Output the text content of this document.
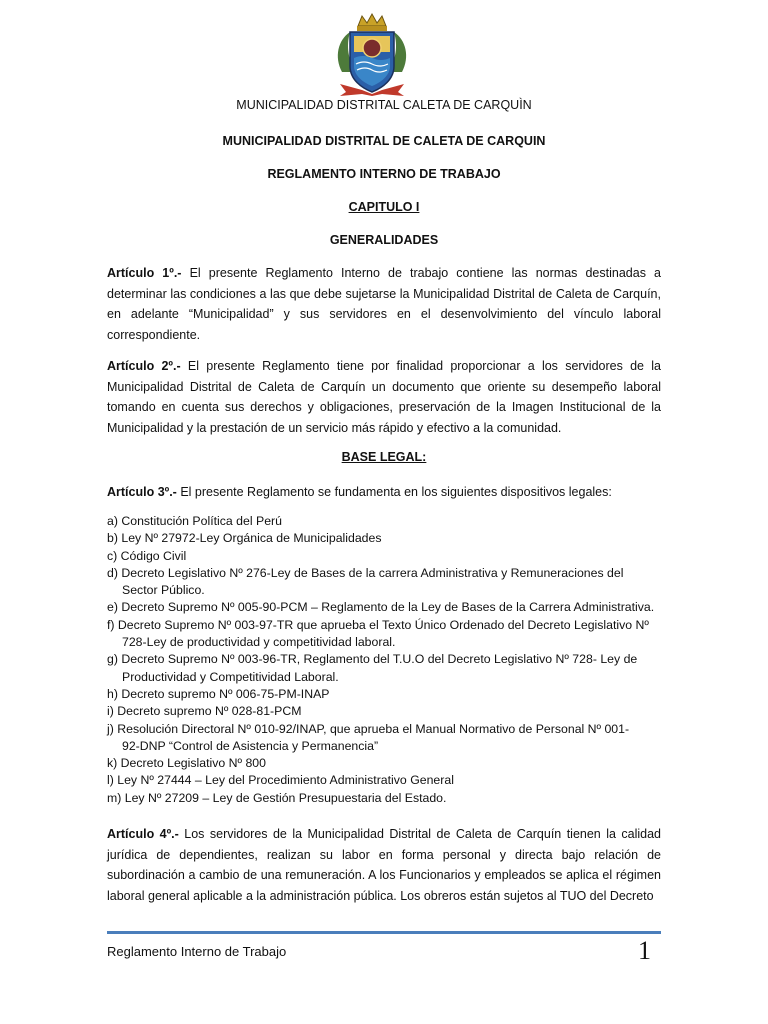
MUNICIPALIDAD DISTRITAL CALETA DE CARQUÌN
MUNICIPALIDAD DISTRITAL DE CALETA DE CARQUIN
REGLAMENTO INTERNO DE TRABAJO
CAPITULO I
GENERALIDADES
Artículo 1º.- El presente Reglamento Interno de trabajo contiene las normas destinadas a determinar las condiciones a las que debe sujetarse la Municipalidad Distrital de Caleta de Carquín, en adelante “Municipalidad” y sus servidores en el desenvolvimiento del vínculo laboral correspondiente.
Artículo 2º.- El presente Reglamento tiene por finalidad proporcionar a los servidores de la Municipalidad Distrital de Caleta de Carquín un documento que oriente su desempeño laboral tomando en cuenta sus derechos y obligaciones, preservación de la Imagen Institucional de la Municipalidad y la prestación de un servicio más rápido y efectivo a la comunidad.
BASE LEGAL:
Artículo 3º.- El presente Reglamento se fundamenta en los siguientes dispositivos legales:
a) Constitución Política del Perú
b) Ley Nº 27972-Ley Orgánica de Municipalidades
c) Código Civil
d) Decreto Legislativo Nº 276-Ley de Bases de la carrera Administrativa y Remuneraciones del
Sector Público.
e) Decreto Supremo Nº 005-90-PCM – Reglamento de la Ley de Bases de la Carrera Administrativa.
f) Decreto Supremo Nº 003-97-TR que aprueba el Texto Único Ordenado del Decreto Legislativo Nº
728-Ley de productividad y competitividad laboral.
g) Decreto Supremo Nº 003-96-TR, Reglamento del T.U.O del Decreto Legislativo Nº 728- Ley de
Productividad y Competitividad Laboral.
h) Decreto supremo Nº 006-75-PM-INAP
i) Decreto supremo Nº 028-81-PCM
j) Resolución Directoral Nº 010-92/INAP, que aprueba el Manual Normativo de Personal Nº 001-
92-DNP “Control de Asistencia y Permanencia”
k) Decreto Legislativo Nº 800
l) Ley Nº 27444 – Ley del Procedimiento Administrativo General
m) Ley Nº 27209 – Ley de Gestión Presupuestaria del Estado.
Artículo 4º.- Los servidores de la Municipalidad Distrital de Caleta de Carquín tienen la calidad jurídica de dependientes, realizan su labor en forma personal y directa bajo relación de subordinación a cambio de una remuneración. A los Funcionarios y empleados se aplica el régimen laboral general aplicable a la administración pública. Los obreros están sujetos al TUO del Decreto
Reglamento Interno de Trabajo	1
